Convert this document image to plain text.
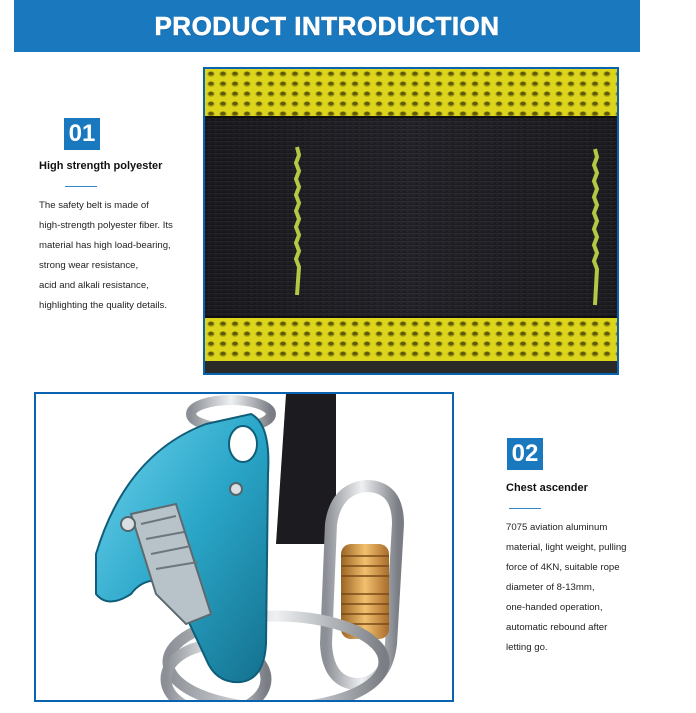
PRODUCT INTRODUCTION
01
High strength polyester
The safety belt is made of
high-strength polyester fiber. Its
material has high load-bearing,
strong wear resistance,
acid and alkali resistance,
highlighting the quality details.
02
Chest ascender
7075 aviation aluminum
material, light weight, pulling
force of 4KN, suitable rope
diameter of 8-13mm,
one-handed operation,
automatic rebound after
letting go.
